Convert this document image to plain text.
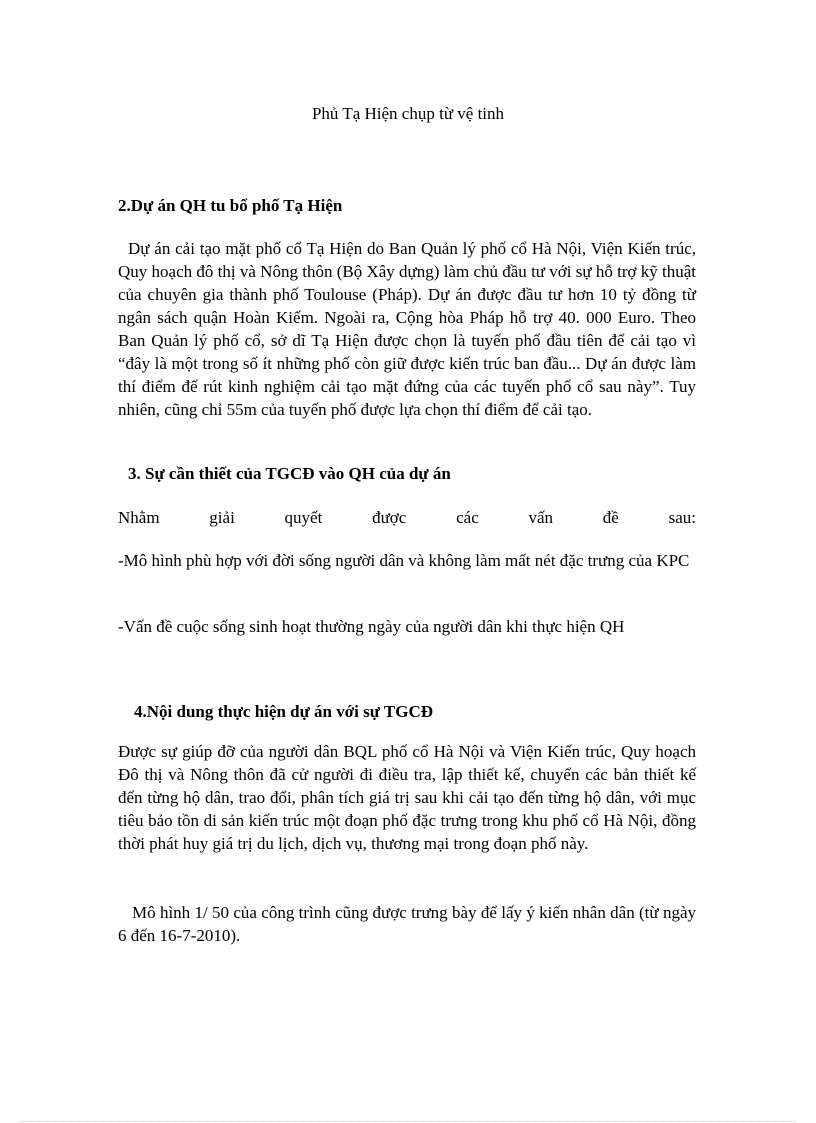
Phủ Tạ Hiện chụp từ vệ tinh
2.Dự án QH tu bổ phố Tạ Hiện
Dự án cải tạo mặt phố cổ Tạ Hiện do Ban Quản lý phố cổ Hà Nội, Viện Kiến trúc, Quy hoạch đô thị và Nông thôn (Bộ Xây dựng) làm chủ đầu tư với sự hỗ trợ kỹ thuật của chuyên gia thành phố Toulouse (Pháp). Dự án được đầu tư hơn 10 tỷ đồng từ ngân sách quận Hoàn Kiếm. Ngoài ra, Cộng hòa Pháp hỗ trợ 40. 000 Euro. Theo Ban Quản lý phố cổ, sở dĩ Tạ Hiện được chọn là tuyến phố đầu tiên để cải tạo vì “đây là một trong số ít những phố còn giữ được kiến trúc ban đầu... Dự án được làm thí điểm để rút kinh nghiệm cải tạo mặt đứng của các tuyến phố cổ sau này”. Tuy nhiên, cũng chỉ 55m của tuyến phố được lựa chọn thí điểm để cải tạo.
3. Sự cần thiết của TGCĐ vào QH của dự án
Nhằm giải quyết được các vấn đề sau:
-Mô hình phù hợp với đời sống người dân và không làm mất nét đặc trưng của KPC
-Vấn đề cuộc sống sinh hoạt thường ngày của người dân khi thực hiện QH
4.Nội dung thực hiện dự án với sự TGCĐ
Được sự giúp đỡ của người dân BQL phố cổ Hà Nội và Viện Kiến trúc, Quy hoạch Đô thị và Nông thôn đã cử người đi điều tra, lập thiết kế, chuyển các bản thiết kế đến từng hộ dân, trao đổi, phân tích giá trị sau khi cải tạo đến từng hộ dân, với mục tiêu bảo tồn di sản kiến trúc một đoạn phố đặc trưng trong khu phố cổ Hà Nội, đồng thời phát huy giá trị du lịch, dịch vụ, thương mại trong đoạn phố này.
Mô hình 1/ 50 của công trình cũng được trưng bày để lấy ý kiến nhân dân (từ ngày 6 đến 16-7-2010).
